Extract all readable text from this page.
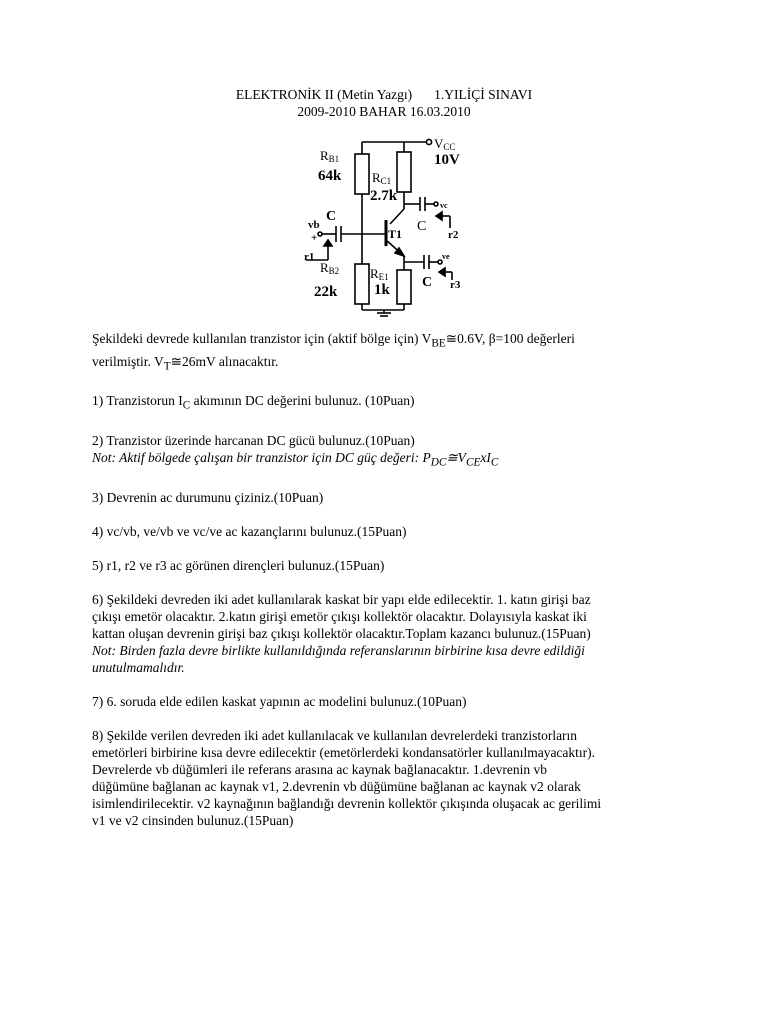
ELEKTRONİK II (Metin Yazgı) 1.YILİÇİ SINAVI
2009-2010 BAHAR 16.03.2010
RB1
64k RC1
2.7k
VCC
10V
T1
C
C
C
vb
+
vc
ve
r1
r2
r3
RB2
22k
RE1
1k

Şekildeki devrede kullanılan tranzistor için (aktif bölge için) $V_{BE}≅0.6V$, β=100 değerleri
verilmiştir. $V_T≅26mV$ alınacaktır.

1) Tranzistorun $I_C$ akımının DC değerini bulunuz. (10Puan)

2) Tranzistor üzerinde harcanan DC gücü bulunuz.(10Puan)
Not: Aktif bölgede çalışan bir tranzistor için DC güç değeri: $P_{DC}≅V_{CE}xI_C$

3) Devrenin ac durumunu çiziniz.(10Puan)

4) vc/vb, ve/vb ve vc/ve ac kazançlarını bulunuz.(15Puan)

5) r1, r2 ve r3 ac görünen dirençleri bulunuz.(15Puan)

6) Şekildeki devreden iki adet kullanılarak kaskat bir yapı elde edilecektir. 1. katın girişi baz
çıkışı emetör olacaktır. 2.katın girişi emetör çıkışı kollektör olacaktır. Dolayısıyla kaskat iki
kattan oluşan devrenin girişi baz çıkışı kollektör olacaktır.Toplam kazancı bulunuz.(15Puan)
Not: Birden fazla devre birlikte kullanıldığında referanslarının birbirine kısa devre edildiği
unutulmamalıdır.

7) 6. soruda elde edilen kaskat yapının ac modelini bulunuz.(10Puan)

8) Şekilde verilen devreden iki adet kullanılacak ve kullanılan devrelerdeki tranzistorların
emetörleri birbirine kısa devre edilecektir (emetörlerdeki kondansatörler kullanılmayacaktır).
Devrelerde vb düğümleri ile referans arasına ac kaynak bağlanacaktır. 1.devrenin vb
düğümüne bağlanan ac kaynak v1, 2.devrenin vb düğümüne bağlanan ac kaynak v2 olarak
isimlendirilecektir. v2 kaynağının bağlandığı devrenin kollektör çıkışında oluşacak ac gerilimi
v1 ve v2 cinsinden bulunuz.(15Puan)
